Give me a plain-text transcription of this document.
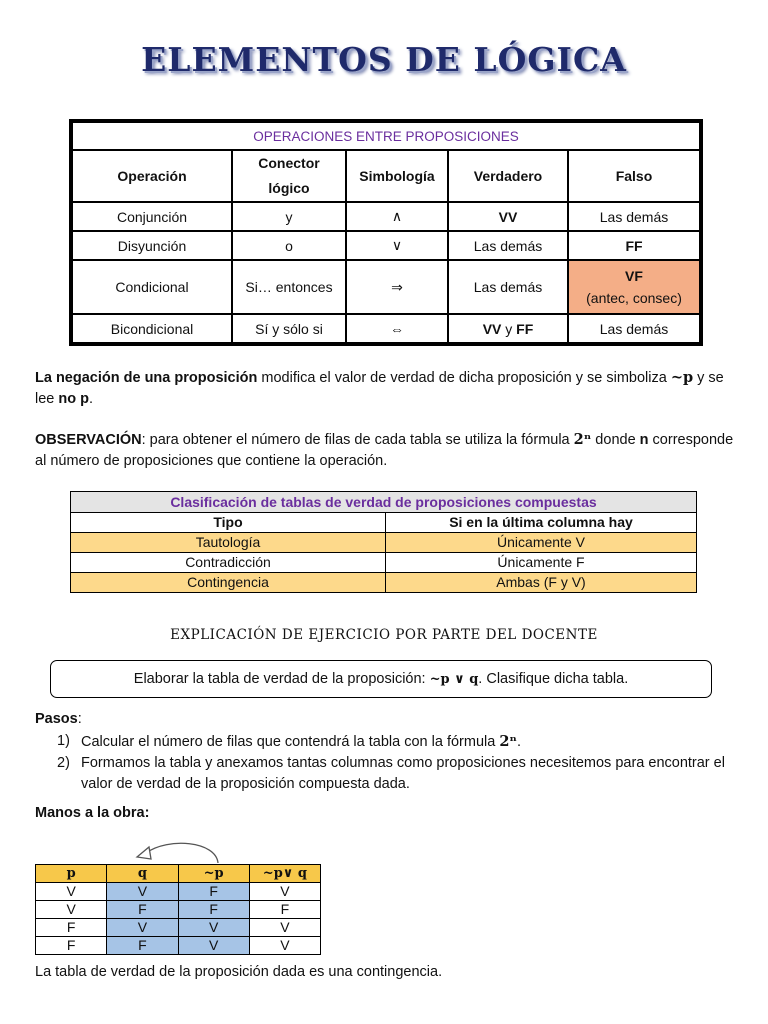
ELEMENTOS DE LÓGICA
OPERACIONES ENTRE PROPOSICIONES				
Operación	Conector lógico	Simbología	Verdadero	Falso
Conjunción	y	∧	VV	Las demás
Disyunción	o	∨	Las demás	FF
Condicional	Si… entonces	⇒	Las demás	VF
(antec, consec)

Bicondicional	Sí y sólo si	⇔	VV y FF	Las demás
La negación de una proposición modifica el valor de verdad de dicha proposición y se simboliza ~p y se lee no p.
OBSERVACIÓN: para obtener el número de filas de cada tabla se utiliza la fórmula 2ⁿ donde n corresponde al número de proposiciones que contiene la operación.
Clasificación de tablas de verdad de proposiciones compuestas	
Tipo	Si en la última columna hay
Tautología	Únicamente V
Contradicción	Únicamente F
Contingencia	Ambas (F y V)
EXPLICACIÓN DE EJERCICIO POR PARTE DEL DOCENTE
Elaborar la tabla de verdad de la proposición: ~p ∨ q. Clasifique dicha tabla.
Pasos:
1) Calcular el número de filas que contendrá la tabla con la fórmula 2ⁿ.
2) Formamos la tabla y anexamos tantas columnas como proposiciones necesitemos para encontrar el valor de verdad de la proposición compuesta dada.
Manos a la obra:
p	q	~p	~p∨ q
V	V	F	V
V	F	F	F
F	V	V	V
F	F	V	V
La tabla de verdad de la proposición dada es una contingencia.
